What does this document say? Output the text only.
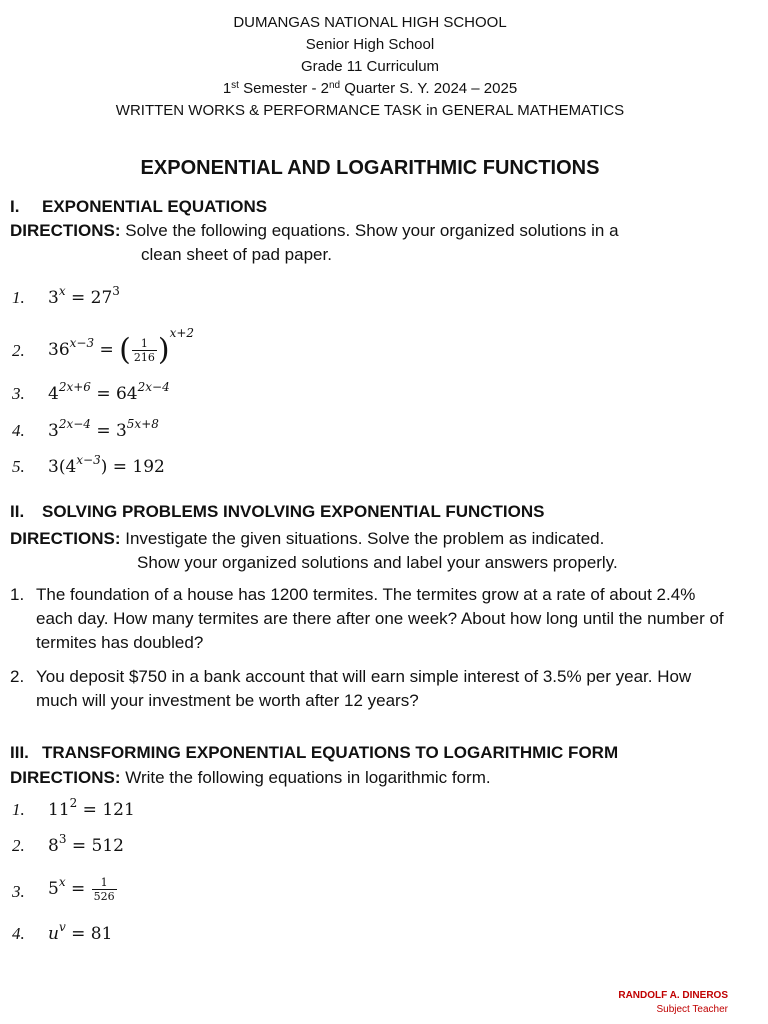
DUMANGAS NATIONAL HIGH SCHOOL
Senior High School
Grade 11 Curriculum
1st Semester - 2nd Quarter S. Y. 2024 – 2025
WRITTEN WORKS & PERFORMANCE TASK in GENERAL MATHEMATICS
EXPONENTIAL AND LOGARITHMIC FUNCTIONS
I. EXPONENTIAL EQUATIONS
DIRECTIONS: Solve the following equations. Show your organized solutions in a
clean sheet of pad paper.
1. $3^x = 27^3$
2. $36^{x-3}$ = ( $\frac{1}{216} )^{x+2}$
3. $4^{2x+6} = 64^{2x-4}$
4. $3^{2x-4} = 3^{5x+8}$
5. $3(4^{x-3}) = 192$
II. SOLVING PROBLEMS INVOLVING EXPONENTIAL FUNCTIONS
DIRECTIONS: Investigate the given situations. Solve the problem as indicated.
Show your organized solutions and label your answers properly.
1. The foundation of a house has 1200 termites. The termites grow at a rate of about 2.4% each day. How many termites are there after one week? About how long until the number of termites has doubled?
2. You deposit $750 in a bank account that will earn simple interest of 3.5% per year. How much will your investment be worth after 12 years?
III. TRANSFORMING EXPONENTIAL EQUATIONS TO LOGARITHMIC FORM
DIRECTIONS: Write the following equations in logarithmic form.
1. $11^2 = 121$
2. $8^3 = 512$
3. $5^x = \frac{1}{526}$
4. $u^v = 81$
RANDOLF A. DINEROS
Subject Teacher
